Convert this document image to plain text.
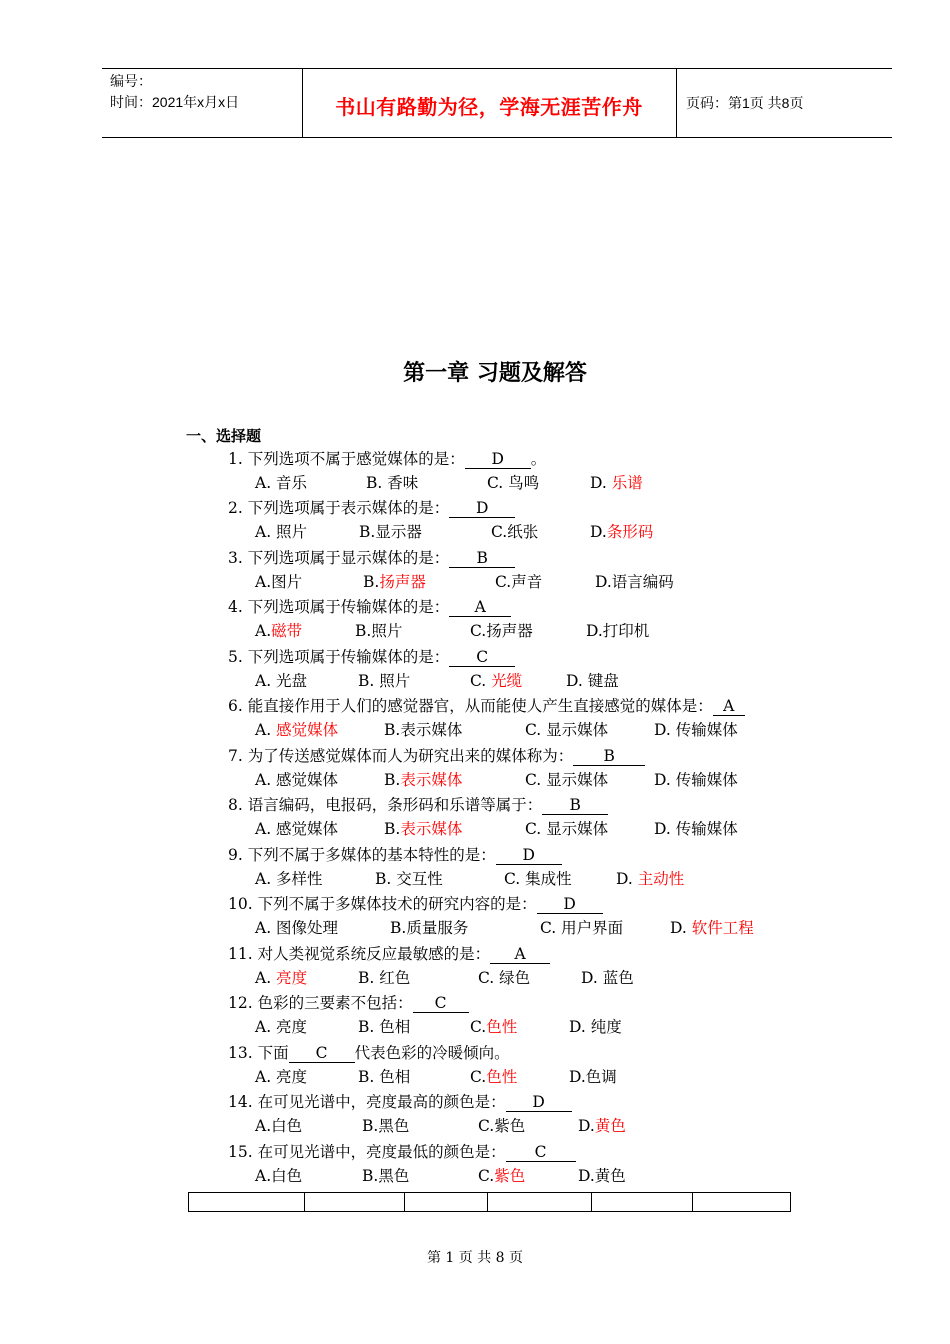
编号：
时间：2021年x月x日	书山有路勤为径，学海无涯苦作舟	页码：第1页 共8页
第一章 习题及解答
一、选择题
1. 下列选项不属于感觉媒体的是： D 。
A. 音乐	B. 香味	C. 鸟鸣	D. 乐谱
2. 下列选项属于表示媒体的是： D
A. 照片	B.显示器	C.纸张	D.条形码
3. 下列选项属于显示媒体的是： B
A.图片	B.扬声器	C.声音	D.语言编码
4. 下列选项属于传输媒体的是： A
A.磁带	B.照片	C.扬声器	D.打印机
5. 下列选项属于传输媒体的是： C
A. 光盘	B. 照片	C. 光缆	D. 键盘
6. 能直接作用于人们的感觉器官，从而能使人产生直接感觉的媒体是： A
A. 感觉媒体	B.表示媒体	C. 显示媒体	D. 传输媒体
7. 为了传送感觉媒体而人为研究出来的媒体称为： B
A. 感觉媒体	B.表示媒体	C. 显示媒体	D. 传输媒体
8. 语言编码，电报码，条形码和乐谱等属于： B
A. 感觉媒体	B.表示媒体	C. 显示媒体	D. 传输媒体
9. 下列不属于多媒体的基本特性的是： D
A. 多样性	B. 交互性	C. 集成性	D. 主动性
10. 下列不属于多媒体技术的研究内容的是： D
A. 图像处理	B.质量服务	C. 用户界面	D. 软件工程
11. 对人类视觉系统反应最敏感的是： A
A. 亮度	B. 红色	C. 绿色	D. 蓝色
12. 色彩的三要素不包括： C
A. 亮度	B. 色相	C.色性	D. 纯度
13. 下面 C 代表色彩的冷暖倾向。
A. 亮度	B. 色相	C.色性	D.色调
14. 在可见光谱中，亮度最高的颜色是： D
A.白色	B.黑色	C.紫色	D.黄色
15. 在可见光谱中，亮度最低的颜色是： C
A.白色	B.黑色	C.紫色	D.黄色
第 1 页 共 8 页
